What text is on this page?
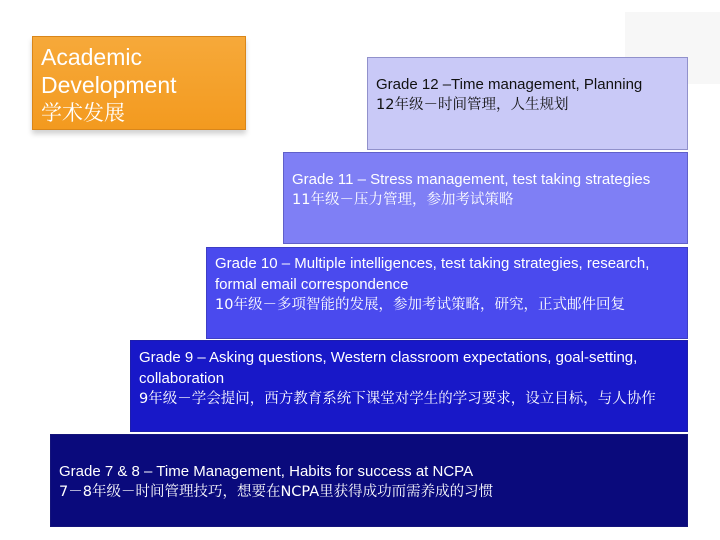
Academic
Development
学术发展
Grade 12 –Time management, Planning
12年级－时间管理，人生规划
Grade 11 – Stress management, test taking strategies
11年级－压力管理，参加考试策略
Grade 10 – Multiple intelligences, test taking strategies, research, formal email correspondence
10年级－多项智能的发展，参加考试策略，研究，正式邮件回复
Grade 9 – Asking questions, Western classroom expectations, goal-setting, collaboration
9年级－学会提问，西方教育系统下课堂对学生的学习要求，设立目标，与人协作
Grade 7 & 8 – Time Management, Habits for success at NCPA
7－8年级－时间管理技巧，想要在NCPA里获得成功而需养成的习惯
